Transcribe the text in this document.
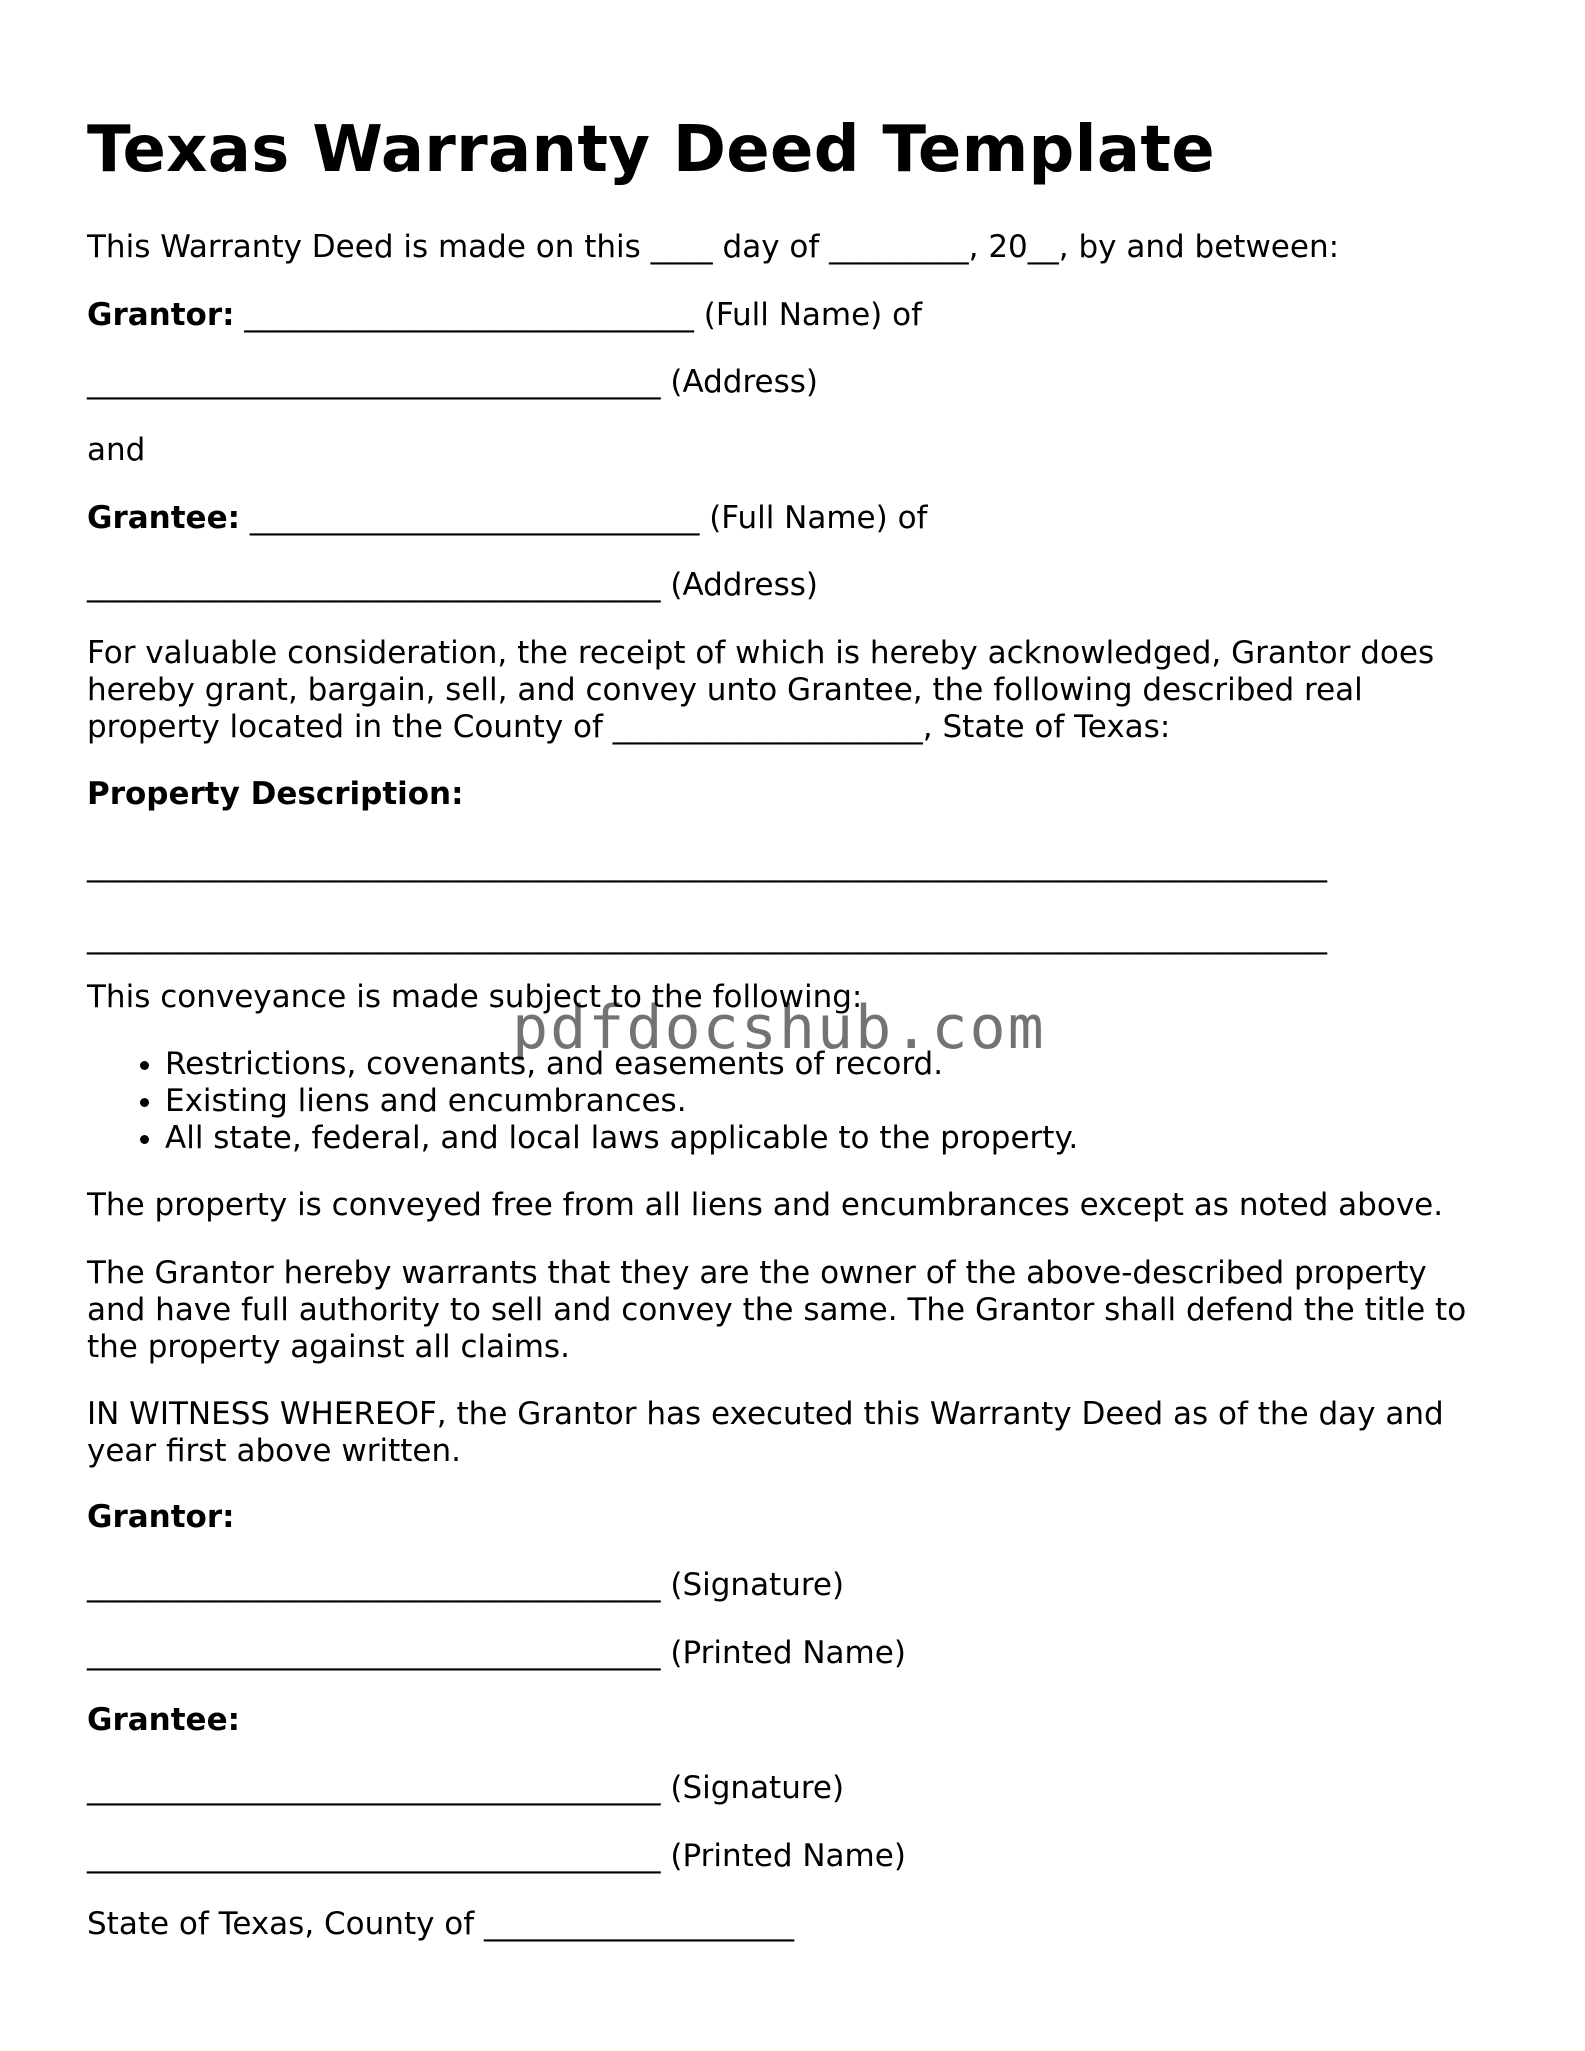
Texas Warranty Deed Template

This Warranty Deed is made on this ____ day of _________, 20__, by and between:

Grantor: _____________________________ (Full Name) of

_____________________________________ (Address)

and

Grantee: _____________________________ (Full Name) of

_____________________________________ (Address)

For valuable consideration, the receipt of which is hereby acknowledged, Grantor does
hereby grant, bargain, sell, and convey unto Grantee, the following described real
property located in the County of ____________________, State of Texas:

Property Description:

________________________________________________________________________________

________________________________________________________________________________

This conveyance is made subject to the following:

• Restrictions, covenants, and easements of record.
• Existing liens and encumbrances.
• All state, federal, and local laws applicable to the property.

The property is conveyed free from all liens and encumbrances except as noted above.

The Grantor hereby warrants that they are the owner of the above-described property
and have full authority to sell and convey the same. The Grantor shall defend the title to
the property against all claims.
IN WITNESS WHEREOF, the Grantor has executed this Warranty Deed as of the day and
year first above written.

Grantor:

_____________________________________ (Signature)

_____________________________________ (Printed Name)

Grantee:

_____________________________________ (Signature)

_____________________________________ (Printed Name)

State of Texas, County of ____________________

pdfdocshub.com
